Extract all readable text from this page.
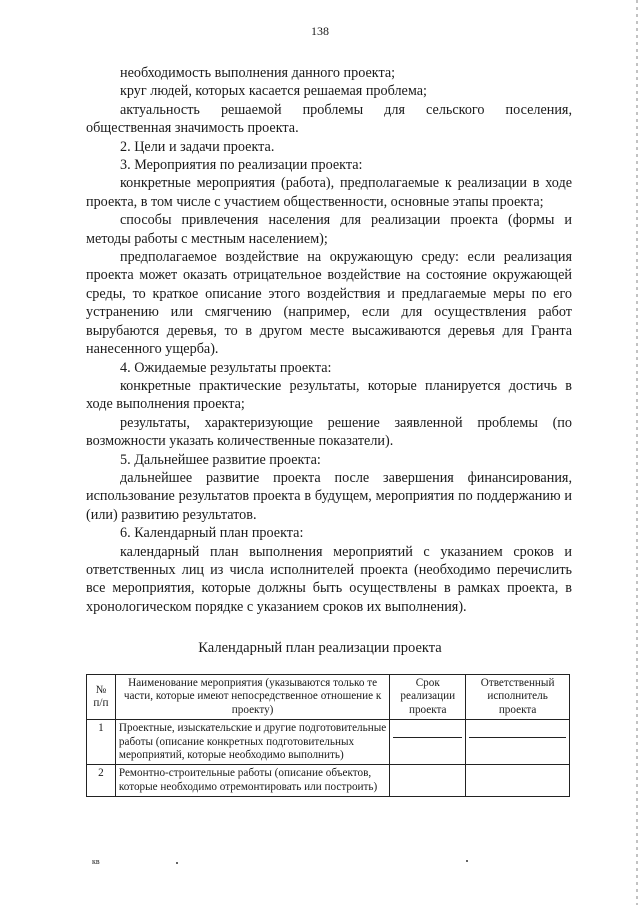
138

необходимость выполнения данного проекта;

круг людей, которых касается решаемая проблема;

актуальность решаемой проблемы для сельского поселения, общественная значимость проекта.

2. Цели и задачи проекта.

3. Мероприятия по реализации проекта:

конкретные мероприятия (работа), предполагаемые к реализации в ходе проекта, в том числе с участием общественности, основные этапы проекта;

способы привлечения населения для реализации проекта (формы и методы работы с местным населением);

предполагаемое воздействие на окружающую среду: если реализация проекта может оказать отрицательное воздействие на состояние окружающей среды, то краткое описание этого воздействия и предлагаемые меры по его устранению или смягчению (например, если для осуществления работ вырубаются деревья, то в другом месте высаживаются деревья для Гранта нанесенного ущерба).

4. Ожидаемые результаты проекта:

конкретные практические результаты, которые планируется достичь в ходе выполнения проекта;

результаты, характеризующие решение заявленной проблемы (по возможности указать количественные показатели).

5. Дальнейшее развитие проекта:

дальнейшее развитие проекта после завершения финансирования, использование результатов проекта в будущем, мероприятия по поддержанию и (или) развитию результатов.

6. Календарный план проекта:

календарный план выполнения мероприятий с указанием сроков и ответственных лиц из числа исполнителей проекта (необходимо перечислить все мероприятия, которые должны быть осуществлены в рамках проекта, в хронологическом порядке с указанием сроков их выполнения).

Календарный план реализации проекта
№ п/п	Наименование мероприятия (указываются только те части, которые имеют непосредственное отношение к проекту)	Срок реализации проекта	Ответственный исполнитель проекта
1	Проектные, изыскательские и другие подготовительные работы (описание конкретных подготовительных мероприятий, которые необходимо выполнить)	

2	Ремонтно-строительные работы (описание объектов, которые необходимо отремонтировать или построить)		
кв
